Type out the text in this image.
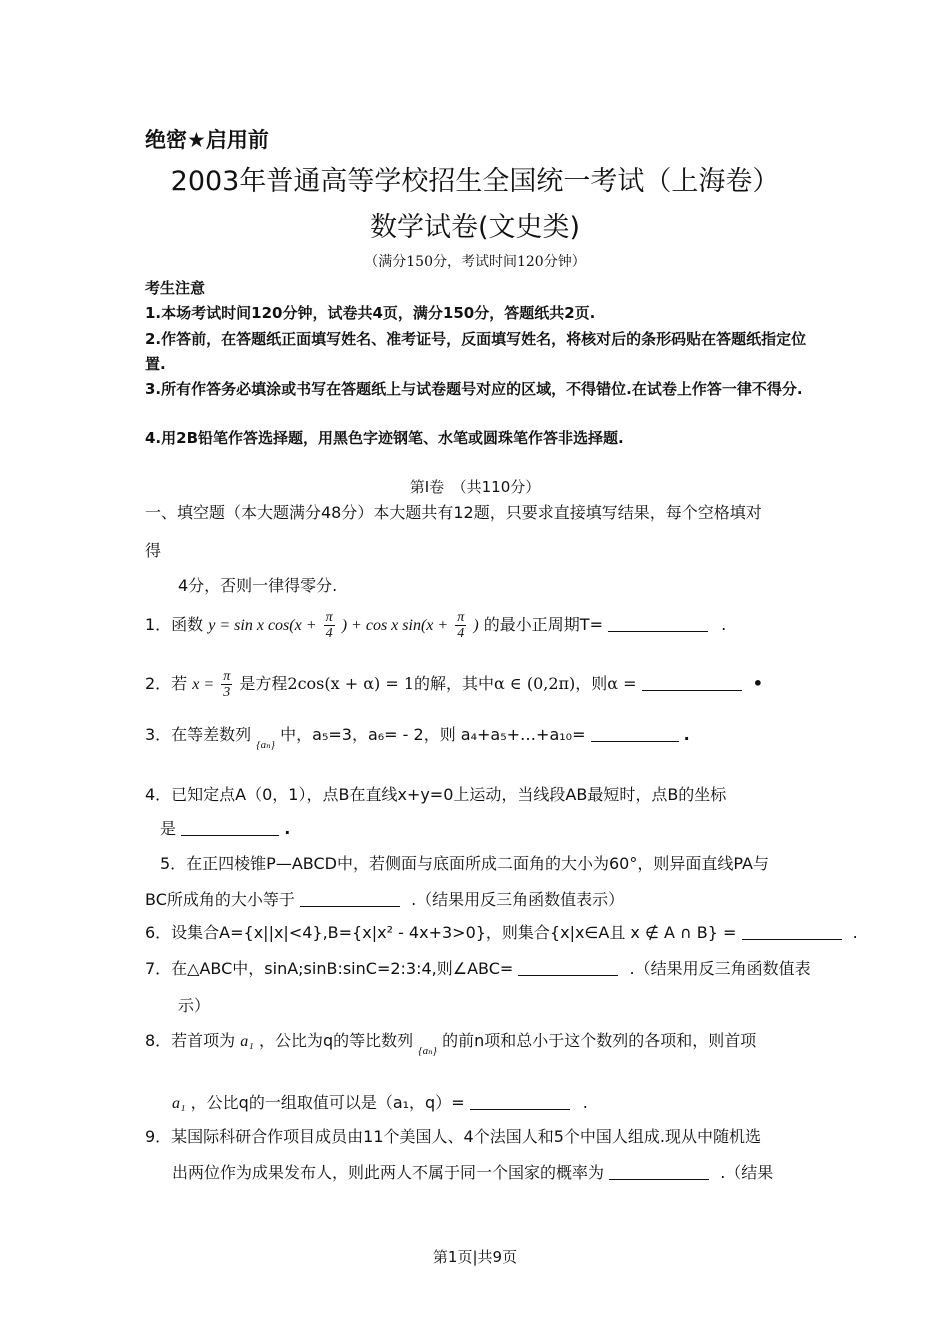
绝密★启用前
2003年普通高等学校招生全国统一考试（上海卷）
数学试卷(文史类)
（满分150分，考试时间120分钟）
考生注意
1.本场考试时间120分钟，试卷共4页，满分150分，答题纸共2页.
2.作答前，在答题纸正面填写姓名、准考证号，反面填写姓名，将核对后的条形码贴在答题纸指定位置.
3.所有作答务必填涂或书写在答题纸上与试卷题号对应的区域，不得错位.在试卷上作答一律不得分.
4.用2B铅笔作答选择题，用黑色字迹钢笔、水笔或圆珠笔作答非选择题.
第Ⅰ卷　（共110分）
一、填空题（本大题满分48分）本大题共有12题，只要求直接填写结果，每个空格填对
得
4分，否则一律得零分.
1．函数 y = sin x $\cos(x + \frac{\pi}{4}$ ) + cos x $\sin(x + \frac{\pi}{4}$ ) 的最小正周期T=	.
2．若 $x = \frac{\pi}{3}$ 是方程2cos(x + α) = 1的解，其中α ∈ (0,2π)，则α =	•
3．在等差数列 $_{\{a_n\}}$ 中，a₅=3，a₆= - 2，则 a₄+a₅+…+a₁₀=	.
4．已知定点A（0，1），点B在直线x+y=0上运动，当线段AB最短时，点B的坐标
是	.
5．在正四棱锥P—ABCD中，若侧面与底面所成二面角的大小为60°，则异面直线PA与
BC所成角的大小等于	.（结果用反三角函数值表示）
6．设集合A={x||x|<4},B={x|x² - 4x+3>0}，则集合{x|x∈A且 x ∉ A ∩ B} =	.
7．在△ABC中，sinA;sinB:sinC=2:3:4,则∠ABC=	.（结果用反三角函数值表
示）
8．若首项为 a₁ ，公比为q的等比数列 $_{\{a_n\}}$ 的前n项和总小于这个数列的各项和，则首项
a₁ ，公比q的一组取值可以是（a₁，q）=	.
9．某国际科研合作项目成员由11个美国人、4个法国人和5个中国人组成.现从中随机选
出两位作为成果发布人，则此两人不属于同一个国家的概率为	.（结果
第1页|共9页
